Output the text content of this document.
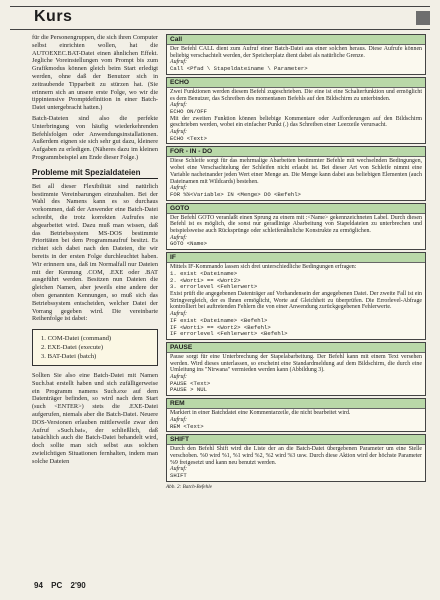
Kurs

für die Personengruppen, die sich ihren Computer selbst einrichten wollen, hat die AUTOEXEC.BAT-Datei einen ähnlichen Effekt. Jegliche Voreinstellungen vom Prompt bis zum Grafikmodus können gleich beim Start erledigt werden, ohne daß der Benutzer sich in zeitraubende Tipparbeit zu stürzen hat. (Sie erinnern sich an unsere erste Folge, wo wir die tippintensive Promptdefinition in einer Batch-Datei untergebracht hatten.)

Batch-Dateien sind also die perfekte Unterbringung von häufig wiederkehrenden Befehlsfolgen oder Anwendungsinstallationen. Außerdem eignen sie sich sehr gut dazu, kleinere Aufgaben zu erledigen. (Näheres dazu im kleinen Programmbeispiel am Ende dieser Folge.)

Probleme mit Spezialdateien

Bei all dieser Flexibilität sind natürlich bestimmte Vereinbarungen einzuhalten. Bei der Wahl des Namens kann es so durchaus vorkommen, daß der Anwender eine Batch-Datei schreibt, die trotz korrekten Aufrufes nie abgearbeitet wird. Dazu muß man wissen, daß das Betriebssystem MS-DOS bestimmte Prioritäten bei dem Programmaufruf besitzt. Es richtet sich dabei nach den Dateien, die wir bereits in der ersten Folge durchleuchtet haben. Wir erinnern uns, daß im Normalfall nur Dateien mit der Kennung .COM, .EXE oder .BAT ausgeführt werden. Besitzen nun Dateien die gleichen Namen, aber jeweils eine andere der oben genannten Kennungen, so muß sich das Betriebssystem entscheiden, welcher Datei der Vorrang gegeben wird. Die vereinbarte Reihenfolge ist dabei:

1. COM-Datei (command)
2. EXE-Datei (execute)
3. BAT-Datei (batch)

Sollten Sie also eine Batch-Datei mit Namen Such.bat erstellt haben und sich zufälligerweise ein Programm namens Such.exe auf dem Datenträger befinden, so wird nach dem Start (such <ENTER>) stets die .EXE-Datei aufgerufen, niemals aber die Batch-Datei. Neuere DOS-Versionen erlauben mittlerweile zwar den Aufruf »Such.bat«, der schließlich, daß tatsächlich auch die Batch-Datei behandelt wird, doch sollte man sich selbst aus solchen zwielichtigen Situationen fernhalten, indem man solche Dateien

Call
Der Befehl CALL dient zum Aufruf einer Batch-Datei aus einer solchen heraus. Diese Aufrufe können beliebig verschachtelt werden, der Speicherplatz dient dabei als natürliche Grenze.
Aufruf:
Call <Pfad \ Stapeldateiname \ Parameter>
ECHO
Zwei Funktionen werden diesem Befehl zugeschrieben. Die eine ist eine Schalterfunktion und ermöglicht es dem Benutzer, das Schreiben des momentanen Befehls auf den Bildschirm zu unterbinden.
Aufruf:
ECHO ON/OFF
Mit der zweiten Funktion können beliebige Kommentare oder Aufforderungen auf den Bildschirm geschrieben werden, wobei ein einfacher Punkt (.) das Schreiben einer Leerzeile verursacht.
Aufruf:
ECHO <Text>
FOR - IN - DO
Diese Schleife sorgt für das mehrmalige Abarbeiten bestimmter Befehle mit wechselnden Bedingungen, wobei eine Verschachtelung der Schleifen nicht erlaubt ist. Bei dieser Art von Schleife nimmt eine Variable nacheinander jeden Wert einer Menge an. Die Menge kann dabei aus beliebigen Elementen (auch Dateinamen mit Wildcards) bestehen.
Aufruf:
FOR %%<Variable> IN <Menge> DO <Befehl>
GOTO
Der Befehl GOTO veranlaßt einen Sprung zu einem mit :<Name> gekennzeichneten Label. Durch diesen Befehl ist es möglich, die sonst nur geradlinige Abarbeitung von Stapeldateien zu unterbrechen und beispielsweise auch Rücksprünge oder schleifenähnliche Konstrukte zu ermöglichen.
Aufruf:
GOTO <Name>
IF
Mittels IF-Kommando lassen sich drei unterschiedliche Bedingungen erfragen:
1. exist <Dateiname>
2. <Wort1> == <Wort2>
3. errorlevel <Fehlerwert>
Exist prüft die angegebenen Datenträger auf Vorhandensein der angegebenen Datei. Der zweite Fall ist ein Stringvergleich, der es Ihnen ermöglicht, Worte auf Gleichheit zu überprüfen. Die Errorlevel-Abfrage kontrolliert bei auftretenden Fehlern die von einer Anwendung zurückgegebenen Fehlerwerte.
Aufruf:
IF exist <Dateiname> <Befehl>
IF <Wort1> == <Wort2> <Befehl>
IF errorlevel <Fehlerwert> <Befehl>
PAUSE
Pause sorgt für eine Unterbrechung der Stapelabarbeitung. Der Befehl kann mit einem Text versehen werden. Wird dieses unterlassen, so erscheint eine Standardmeldung auf dem Bildschirm, die durch eine Umleitung ins "Nirwana" vermieden werden kann (Abbildung 3).
Aufruf:
PAUSE <Text>
PAUSE > NUL
REM
Markiert in einer Batchdatei eine Kommentarzeile, die nicht bearbeitet wird.
Aufruf:
REM <Text>
SHIFT
Durch den Befehl Shift wird die Liste der an die Batch-Datei übergebenen Parameter um eine Stelle verschoben. %0 wird %1, %1 wird %2, %2 wird %3 usw. Durch diese Aktion wird der höchste Parameter %9 freigesetzt und kann neu benutzt werden.
Aufruf:
SHIFT
Abb. 2: Batch-Befehle
94 PC 2'90
